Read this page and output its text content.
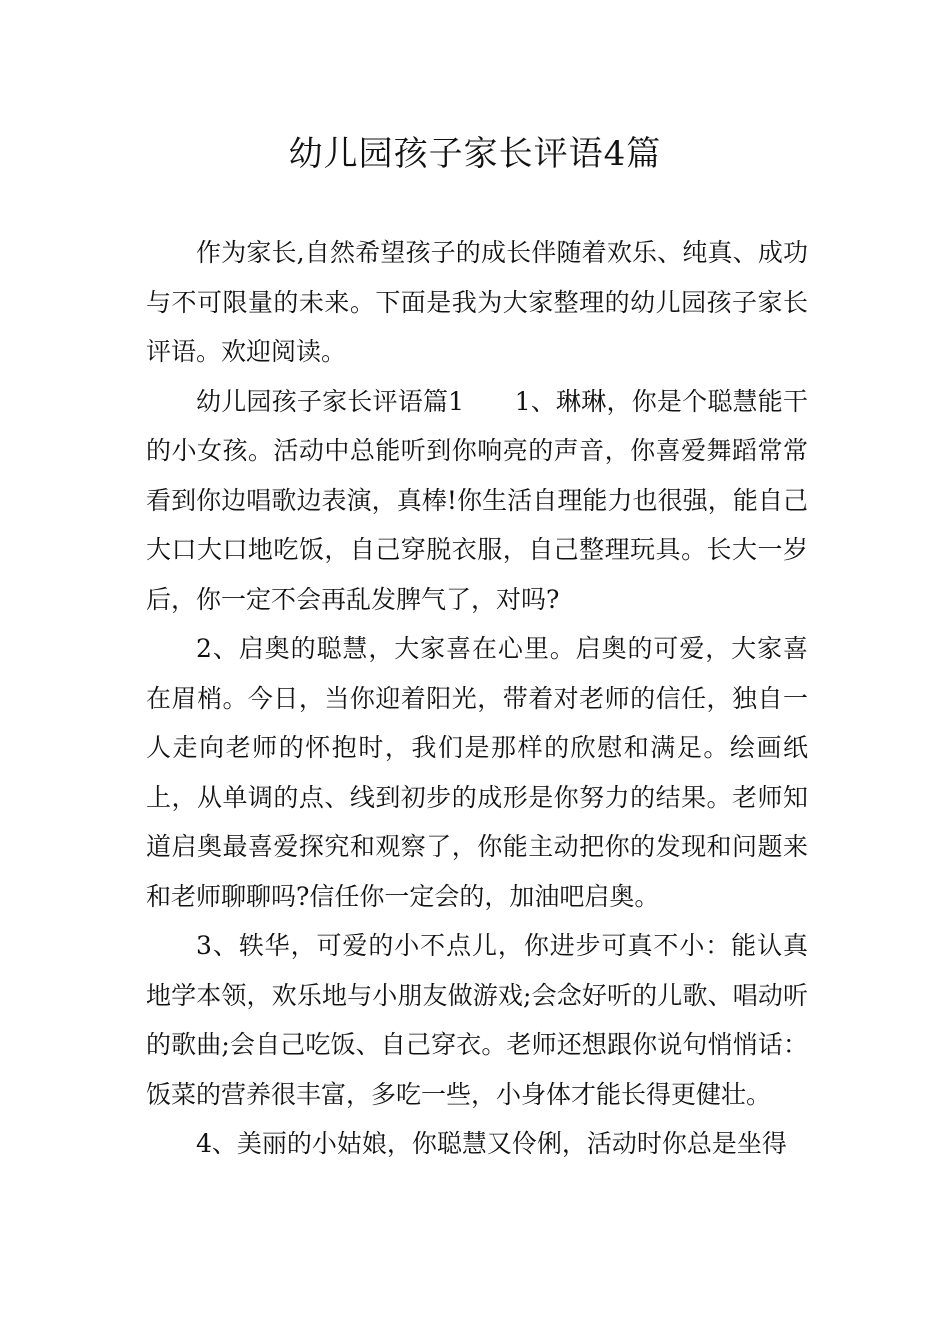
幼儿园孩子家长评语4篇

作为家长,自然希望孩子的成长伴随着欢乐、纯真、成功与不可限量的未来。下面是我为大家整理的幼儿园孩子家长评语。欢迎阅读。

幼儿园孩子家长评语篇1　　1、琳琳，你是个聪慧能干的小女孩。活动中总能听到你响亮的声音，你喜爱舞蹈常常看到你边唱歌边表演，真棒!你生活自理能力也很强，能自己大口大口地吃饭，自己穿脱衣服，自己整理玩具。长大一岁后，你一定不会再乱发脾气了，对吗?

2、启奥的聪慧，大家喜在心里。启奥的可爱，大家喜在眉梢。今日，当你迎着阳光，带着对老师的信任，独自一人走向老师的怀抱时，我们是那样的欣慰和满足。绘画纸上，从单调的点、线到初步的成形是你努力的结果。老师知道启奥最喜爱探究和观察了，你能主动把你的发现和问题来和老师聊聊吗?信任你一定会的，加油吧启奥。

3、轶华，可爱的小不点儿，你进步可真不小：能认真地学本领，欢乐地与小朋友做游戏;会念好听的儿歌、唱动听的歌曲;会自己吃饭、自己穿衣。老师还想跟你说句悄悄话：饭菜的营养很丰富，多吃一些，小身体才能长得更健壮。

4、美丽的小姑娘，你聪慧又伶俐，活动时你总是坐得
